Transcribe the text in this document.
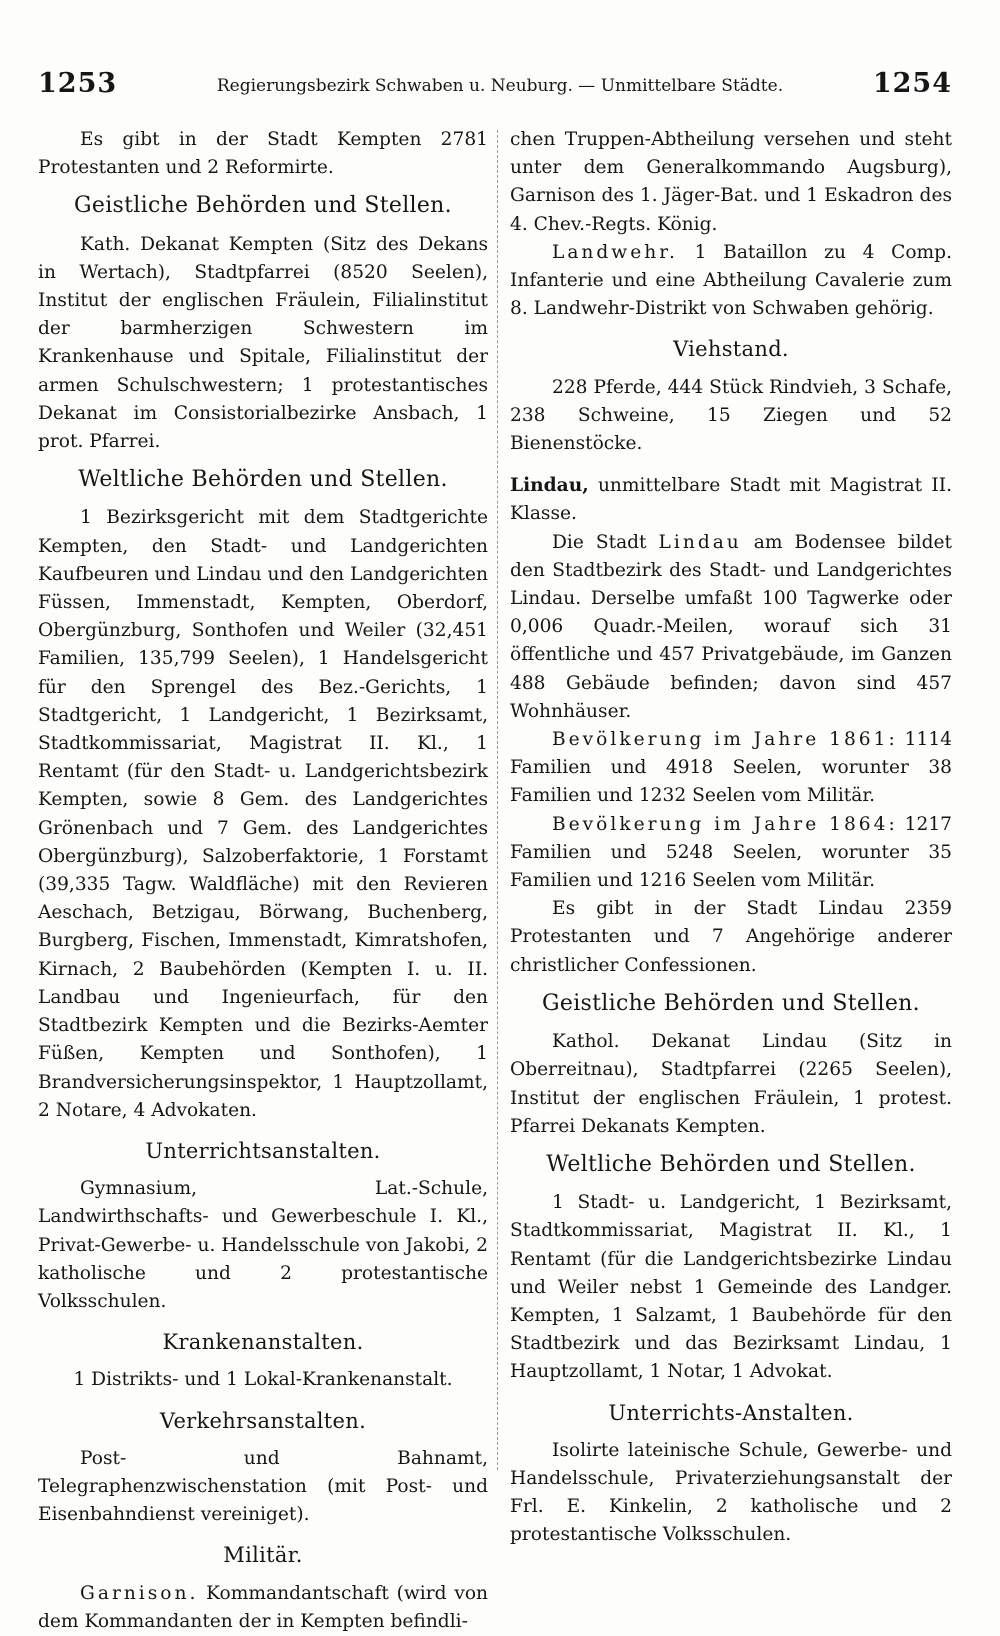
1253	Regierungsbezirk Schwaben u. Neuburg. — Unmittelbare Städte.	1254

Es gibt in der Stadt Kempten 2781 Protestanten und 2 Reformirte.

Geistliche Behörden und Stellen.

Kath. Dekanat Kempten (Sitz des Dekans in Wertach), Stadtpfarrei (8520 Seelen), Institut der englischen Fräulein, Filialinstitut der barmherzigen Schwestern im Krankenhause und Spitale, Filialinstitut der armen Schulschwestern; 1 protestantisches Dekanat im Consistorialbezirke Ansbach, 1 prot. Pfarrei.

Weltliche Behörden und Stellen.

1 Bezirksgericht mit dem Stadtgerichte Kempten, den Stadt- und Landgerichten Kaufbeuren und Lindau und den Landgerichten Füssen, Immenstadt, Kempten, Oberdorf, Obergünzburg, Sonthofen und Weiler (32,451 Familien, 135,799 Seelen), 1 Handelsgericht für den Sprengel des Bez.-Gerichts, 1 Stadtgericht, 1 Landgericht, 1 Bezirksamt, Stadtkommissariat, Magistrat II. Kl., 1 Rentamt (für den Stadt- u. Landgerichtsbezirk Kempten, sowie 8 Gem. des Landgerichtes Grönenbach und 7 Gem. des Landgerichtes Obergünzburg), Salzoberfaktorie, 1 Forstamt (39,335 Tagw. Waldfläche) mit den Revieren Aeschach, Betzigau, Börwang, Buchenberg, Burgberg, Fischen, Immenstadt, Kimratshofen, Kirnach, 2 Baubehörden (Kempten I. u. II. Landbau und Ingenieurfach, für den Stadtbezirk Kempten und die Bezirks-Aemter Füßen, Kempten und Sonthofen), 1 Brandversicherungsinspektor, 1 Hauptzollamt, 2 Notare, 4 Advokaten.

Unterrichtsanstalten.

Gymnasium, Lat.-Schule, Landwirthschafts- und Gewerbeschule I. Kl., Privat-Gewerbe- u. Handelsschule von Jakobi, 2 katholische und 2 protestantische Volksschulen.

Krankenanstalten.

1 Distrikts- und 1 Lokal-Krankenanstalt.

Verkehrsanstalten.

Post- und Bahnamt, Telegraphenzwischenstation (mit Post- und Eisenbahndienst vereiniget).

Militär.

Garnison. Kommandantschaft (wird von dem Kommandanten der in Kempten befindli-

chen Truppen-Abtheilung versehen und steht unter dem Generalkommando Augsburg), Garnison des 1. Jäger-Bat. und 1 Eskadron des 4. Chev.-Regts. König.

Landwehr. 1 Bataillon zu 4 Comp. Infanterie und eine Abtheilung Cavalerie zum 8. Landwehr-Distrikt von Schwaben gehörig.

Viehstand.

228 Pferde, 444 Stück Rindvieh, 3 Schafe, 238 Schweine, 15 Ziegen und 52 Bienenstöcke.

Lindau, unmittelbare Stadt mit Magistrat II. Klasse.

Die Stadt Lindau am Bodensee bildet den Stadtbezirk des Stadt- und Landgerichtes Lindau. Derselbe umfaßt 100 Tagwerke oder 0,006 Quadr.-Meilen, worauf sich 31 öffentliche und 457 Privatgebäude, im Ganzen 488 Gebäude befinden; davon sind 457 Wohnhäuser.

Bevölkerung im Jahre 1861: 1114 Familien und 4918 Seelen, worunter 38 Familien und 1232 Seelen vom Militär.

Bevölkerung im Jahre 1864: 1217 Familien und 5248 Seelen, worunter 35 Familien und 1216 Seelen vom Militär.

Es gibt in der Stadt Lindau 2359 Protestanten und 7 Angehörige anderer christlicher Confessionen.

Geistliche Behörden und Stellen.

Kathol. Dekanat Lindau (Sitz in Oberreitnau), Stadtpfarrei (2265 Seelen), Institut der englischen Fräulein, 1 protest. Pfarrei Dekanats Kempten.

Weltliche Behörden und Stellen.

1 Stadt- u. Landgericht, 1 Bezirksamt, Stadtkommissariat, Magistrat II. Kl., 1 Rentamt (für die Landgerichtsbezirke Lindau und Weiler nebst 1 Gemeinde des Landger. Kempten, 1 Salzamt, 1 Baubehörde für den Stadtbezirk und das Bezirksamt Lindau, 1 Hauptzollamt, 1 Notar, 1 Advokat.

Unterrichts-Anstalten.

Isolirte lateinische Schule, Gewerbe- und Handelsschule, Privaterziehungsanstalt der Frl. E. Kinkelin, 2 katholische und 2 protestantische Volksschulen.
